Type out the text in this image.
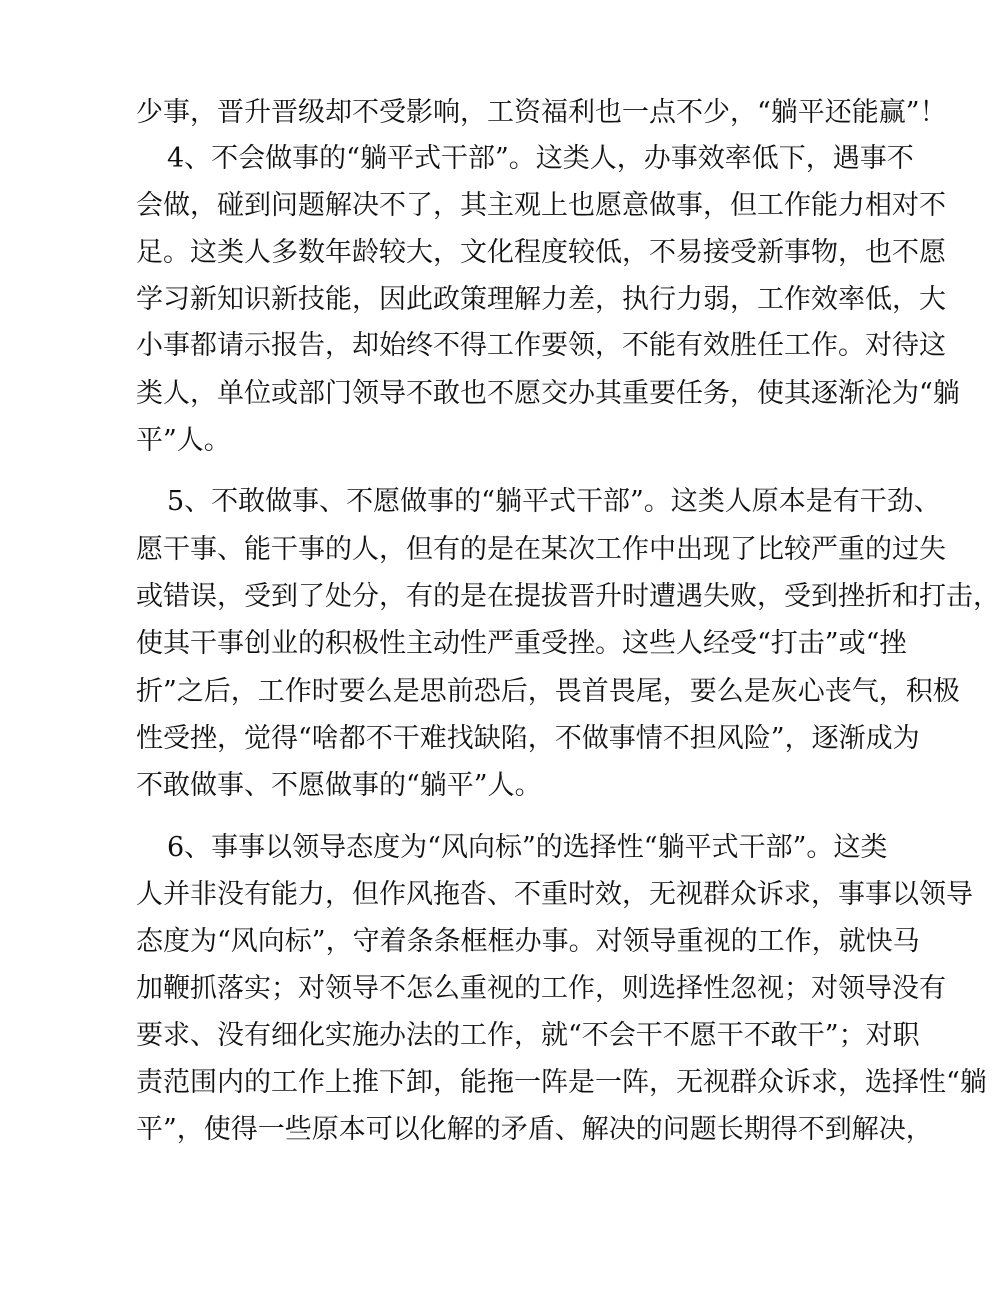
少事，晋升晋级却不受影响，工资福利也一点不少，“躺平还能赢”！
4、不会做事的“躺平式干部”。这类人，办事效率低下，遇事不
会做，碰到问题解决不了，其主观上也愿意做事，但工作能力相对不
足。这类人多数年龄较大，文化程度较低，不易接受新事物，也不愿
学习新知识新技能，因此政策理解力差，执行力弱，工作效率低，大
小事都请示报告，却始终不得工作要领，不能有效胜任工作。对待这
类人，单位或部门领导不敢也不愿交办其重要任务，使其逐渐沦为“躺
平”人。
5、不敢做事、不愿做事的“躺平式干部”。这类人原本是有干劲、
愿干事、能干事的人，但有的是在某次工作中出现了比较严重的过失
或错误，受到了处分，有的是在提拔晋升时遭遇失败，受到挫折和打击，
使其干事创业的积极性主动性严重受挫。这些人经受“打击”或“挫
折”之后，工作时要么是思前恐后，畏首畏尾，要么是灰心丧气，积极
性受挫，觉得“啥都不干难找缺陷，不做事情不担风险”，逐渐成为
不敢做事、不愿做事的“躺平”人。
6、事事以领导态度为“风向标”的选择性“躺平式干部”。这类
人并非没有能力，但作风拖沓、不重时效，无视群众诉求，事事以领导
态度为“风向标”，守着条条框框办事。对领导重视的工作，就快马
加鞭抓落实；对领导不怎么重视的工作，则选择性忽视；对领导没有
要求、没有细化实施办法的工作，就“不会干不愿干不敢干”；对职
责范围内的工作上推下卸，能拖一阵是一阵，无视群众诉求，选择性“躺
平”，使得一些原本可以化解的矛盾、解决的问题长期得不到解决，
